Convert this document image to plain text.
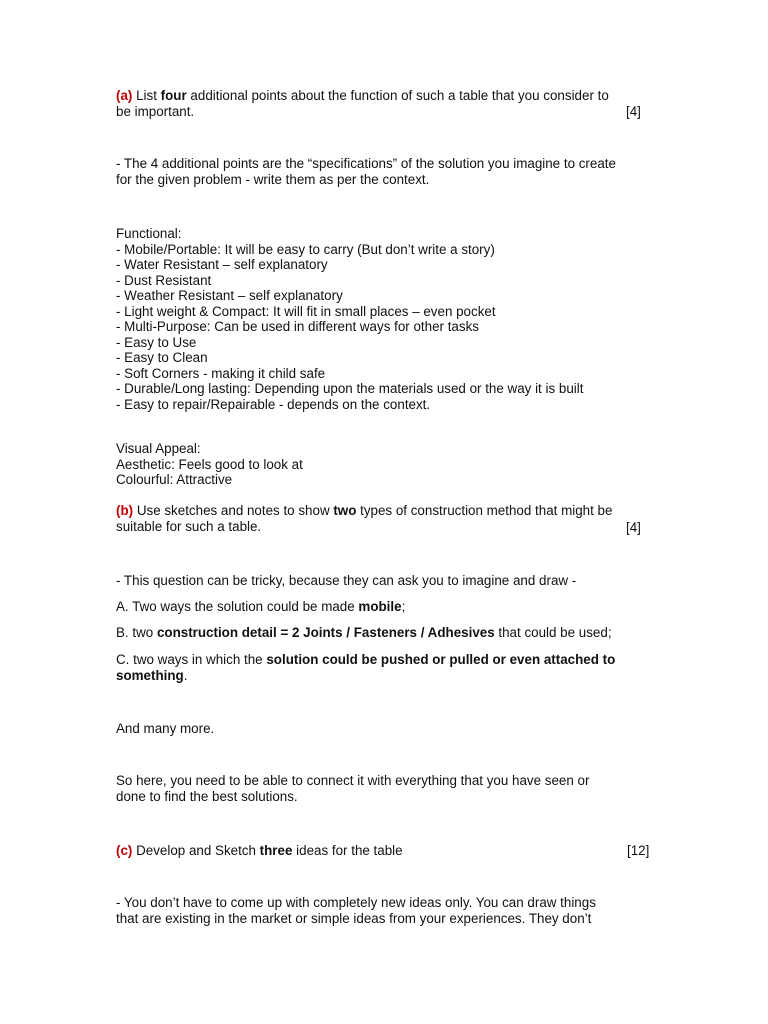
(a) List four additional points about the function of such a table that you consider to
be important.	[4]
- The 4 additional points are the “specifications” of the solution you imagine to create
for the given problem - write them as per the context.
Functional:
- Mobile/Portable: It will be easy to carry (But don’t write a story)
- Water Resistant – self explanatory
- Dust Resistant
- Weather Resistant – self explanatory
- Light weight & Compact: It will fit in small places – even pocket
- Multi-Purpose: Can be used in different ways for other tasks
- Easy to Use
- Easy to Clean
- Soft Corners - making it child safe
- Durable/Long lasting: Depending upon the materials used or the way it is built
- Easy to repair/Repairable - depends on the context.
Visual Appeal:
Aesthetic: Feels good to look at
Colourful: Attractive
(b) Use sketches and notes to show two types of construction method that might be
suitable for such a table.	[4]
- This question can be tricky, because they can ask you to imagine and draw -
A. Two ways the solution could be made mobile;
B. two construction detail = 2 Joints / Fasteners / Adhesives that could be used;
C. two ways in which the solution could be pushed or pulled or even attached to
something.
And many more.
So here, you need to be able to connect it with everything that you have seen or
done to find the best solutions.
(c) Develop and Sketch three ideas for the table	[12]
- You don’t have to come up with completely new ideas only. You can draw things
that are existing in the market or simple ideas from your experiences. They don’t
